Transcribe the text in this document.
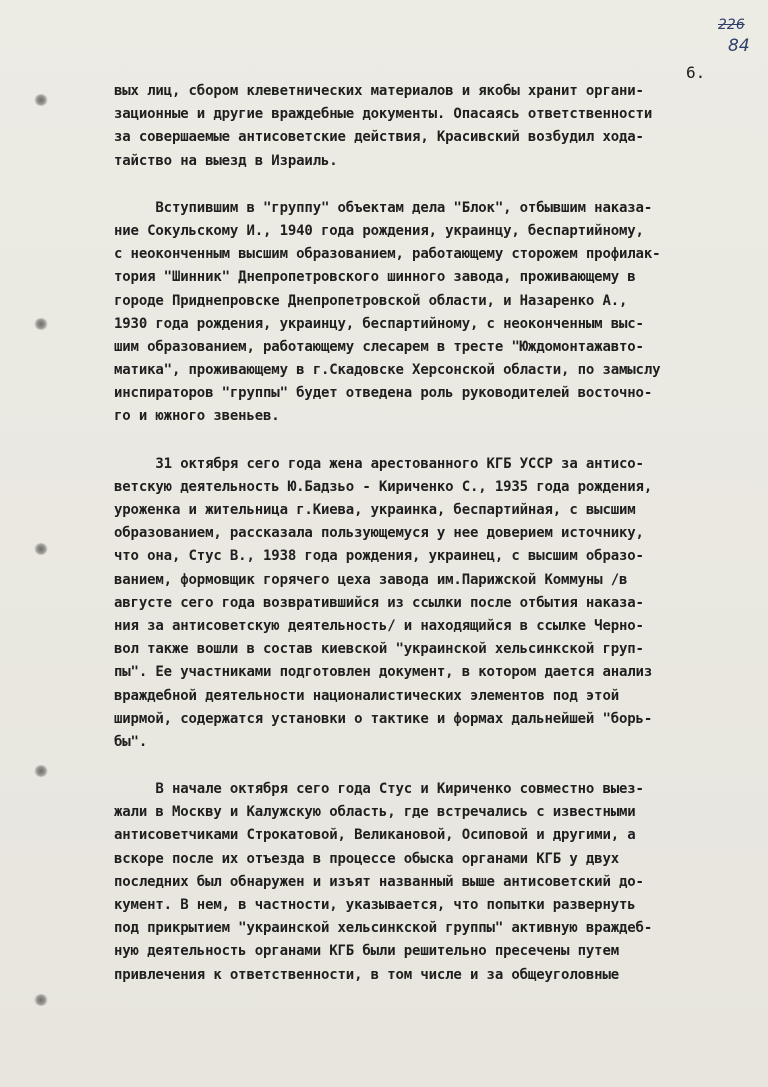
226
84
6.
вых лиц, сбором клеветнических материалов и якобы хранит органи-
зационные и другие враждебные документы. Опасаясь ответственности
за совершаемые антисоветские действия, Красивский возбудил хода-
тайство на выезд в Израиль.
Вступившим в "группу" объектам дела "Блок", отбывшим наказа-
ние Сокульскому И., 1940 года рождения, украинцу, беспартийному,
с неоконченным высшим образованием, работающему сторожем профилак-
тория "Шинник" Днепропетровского шинного завода, проживающему в
городе Приднепровске Днепропетровской области, и Назаренко А.,
1930 года рождения, украинцу, беспартийному, с неоконченным выс-
шим образованием, работающему слесарем в тресте "Юждомонтажавто-
матика", проживающему в г.Скадовске Херсонской области, по замыслу
инспираторов "группы" будет отведена роль руководителей восточно-
го и южного звеньев.
31 октября сего года жена арестованного КГБ УССР за антисо-
ветскую деятельность Ю.Бадзьо - Кириченко С., 1935 года рождения,
уроженка и жительница г.Киева, украинка, беспартийная, с высшим
образованием, рассказала пользующемуся у нее доверием источнику,
что она, Стус В., 1938 года рождения, украинец, с высшим образо-
ванием, формовщик горячего цеха завода им.Парижской Коммуны /в
августе сего года возвратившийся из ссылки после отбытия наказа-
ния за антисоветскую деятельность/ и находящийся в ссылке Черно-
вол также вошли в состав киевской "украинской хельсинкской груп-
пы". Ее участниками подготовлен документ, в котором дается анализ
враждебной деятельности националистических элементов под этой
ширмой, содержатся установки о тактике и формах дальнейшей "борь-
бы".
В начале октября сего года Стус и Кириченко совместно выез-
жали в Москву и Калужскую область, где встречались с известными
антисоветчиками Строкатовой, Великановой, Осиповой и другими, а
вскоре после их отъезда в процессе обыска органами КГБ у двух
последних был обнаружен и изъят названный выше антисоветский до-
кумент. В нем, в частности, указывается, что попытки развернуть
под прикрытием "украинской хельсинкской группы" активную враждеб-
ную деятельность органами КГБ были решительно пресечены путем
привлечения к ответственности, в том числе и за общеуголовные
